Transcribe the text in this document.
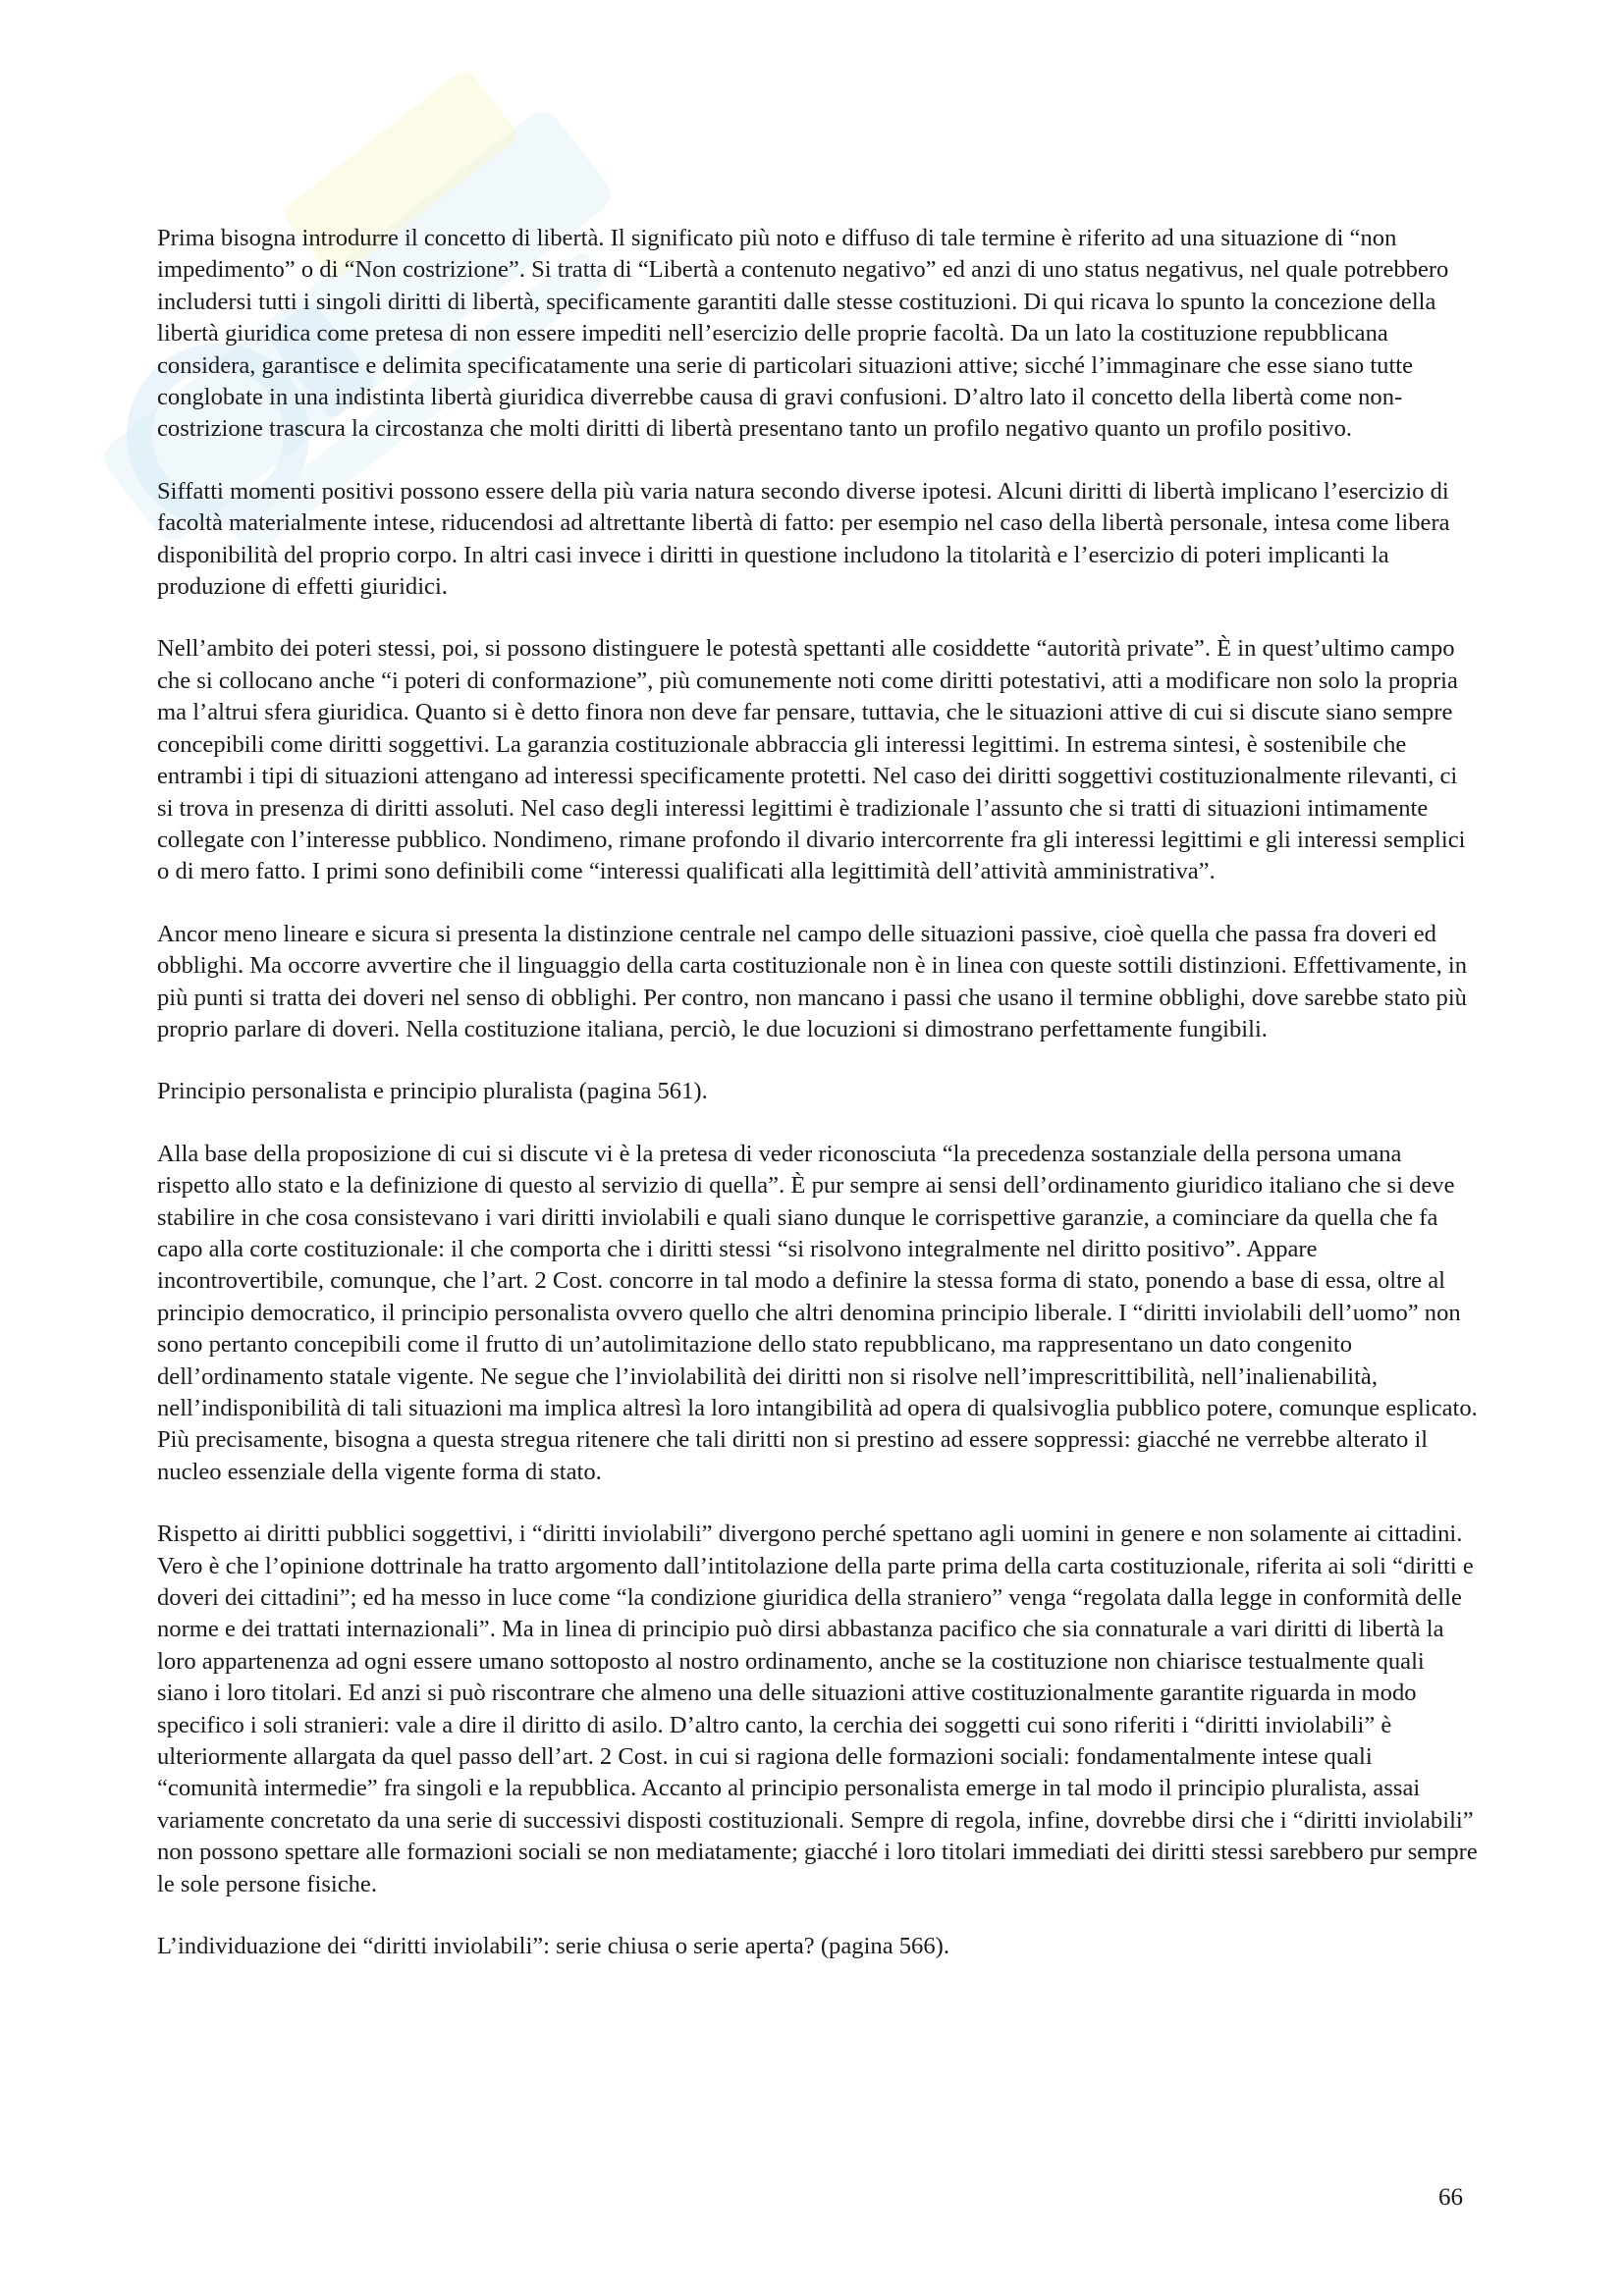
Prima bisogna introdurre il concetto di libertà. Il significato più noto e diffuso di tale termine è riferito ad una situazione di “non impedimento” o di “Non costrizione”. Si tratta di “Libertà a contenuto negativo” ed anzi di uno status negativus, nel quale potrebbero includersi tutti i singoli diritti di libertà, specificamente garantiti dalle stesse costituzioni. Di qui ricava lo spunto la concezione della libertà giuridica come pretesa di non essere impediti nell’esercizio delle proprie facoltà. Da un lato la costituzione repubblicana considera, garantisce e delimita specificatamente una serie di particolari situazioni attive; sicché l’immaginare che esse siano tutte conglobate in una indistinta libertà giuridica diverrebbe causa di gravi confusioni. D’altro lato il concetto della libertà come non-costrizione trascura la circostanza che molti diritti di libertà presentano tanto un profilo negativo quanto un profilo positivo.

Siffatti momenti positivi possono essere della più varia natura secondo diverse ipotesi. Alcuni diritti di libertà implicano l’esercizio di facoltà materialmente intese, riducendosi ad altrettante libertà di fatto: per esempio nel caso della libertà personale, intesa come libera disponibilità del proprio corpo. In altri casi invece i diritti in questione includono la titolarità e l’esercizio di poteri implicanti la produzione di effetti giuridici.

Nell’ambito dei poteri stessi, poi, si possono distinguere le potestà spettanti alle cosiddette “autorità private”. È in quest’ultimo campo che si collocano anche “i poteri di conformazione”, più comunemente noti come diritti potestativi, atti a modificare non solo la propria ma l’altrui sfera giuridica. Quanto si è detto finora non deve far pensare, tuttavia, che le situazioni attive di cui si discute siano sempre concepibili come diritti soggettivi. La garanzia costituzionale abbraccia gli interessi legittimi. In estrema sintesi, è sostenibile che entrambi i tipi di situazioni attengano ad interessi specificamente protetti. Nel caso dei diritti soggettivi costituzionalmente rilevanti, ci si trova in presenza di diritti assoluti. Nel caso degli interessi legittimi è tradizionale l’assunto che si tratti di situazioni intimamente collegate con l’interesse pubblico. Nondimeno, rimane profondo il divario intercorrente fra gli interessi legittimi e gli interessi semplici o di mero fatto. I primi sono definibili come “interessi qualificati alla legittimità dell’attività amministrativa”.

Ancor meno lineare e sicura si presenta la distinzione centrale nel campo delle situazioni passive, cioè quella che passa fra doveri ed obblighi. Ma occorre avvertire che il linguaggio della carta costituzionale non è in linea con queste sottili distinzioni. Effettivamente, in più punti si tratta dei doveri nel senso di obblighi. Per contro, non mancano i passi che usano il termine obblighi, dove sarebbe stato più proprio parlare di doveri. Nella costituzione italiana, perciò, le due locuzioni si dimostrano perfettamente fungibili.

Principio personalista e principio pluralista (pagina 561).

Alla base della proposizione di cui si discute vi è la pretesa di veder riconosciuta “la precedenza sostanziale della persona umana rispetto allo stato e la definizione di questo al servizio di quella”. È pur sempre ai sensi dell’ordinamento giuridico italiano che si deve stabilire in che cosa consistevano i vari diritti inviolabili e quali siano dunque le corrispettive garanzie, a cominciare da quella che fa capo alla corte costituzionale: il che comporta che i diritti stessi “si risolvono integralmente nel diritto positivo”. Appare incontrovertibile, comunque, che l’art. 2 Cost. concorre in tal modo a definire la stessa forma di stato, ponendo a base di essa, oltre al principio democratico, il principio personalista ovvero quello che altri denomina principio liberale. I “diritti inviolabili dell’uomo” non sono pertanto concepibili come il frutto di un’autolimitazione dello stato repubblicano, ma rappresentano un dato congenito dell’ordinamento statale vigente. Ne segue che l’inviolabilità dei diritti non si risolve nell’imprescrittibilità, nell’inalienabilità, nell’indisponibilità di tali situazioni ma implica altresì la loro intangibilità ad opera di qualsivoglia pubblico potere, comunque esplicato. Più precisamente, bisogna a questa stregua ritenere che tali diritti non si prestino ad essere soppressi: giacché ne verrebbe alterato il nucleo essenziale della vigente forma di stato.

Rispetto ai diritti pubblici soggettivi, i “diritti inviolabili” divergono perché spettano agli uomini in genere e non solamente ai cittadini. Vero è che l’opinione dottrinale ha tratto argomento dall’intitolazione della parte prima della carta costituzionale, riferita ai soli “diritti e doveri dei cittadini”; ed ha messo in luce come “la condizione giuridica della straniero” venga “regolata dalla legge in conformità delle norme e dei trattati internazionali”. Ma in linea di principio può dirsi abbastanza pacifico che sia connaturale a vari diritti di libertà la loro appartenenza ad ogni essere umano sottoposto al nostro ordinamento, anche se la costituzione non chiarisce testualmente quali siano i loro titolari. Ed anzi si può riscontrare che almeno una delle situazioni attive costituzionalmente garantite riguarda in modo specifico i soli stranieri: vale a dire il diritto di asilo. D’altro canto, la cerchia dei soggetti cui sono riferiti i “diritti inviolabili” è ulteriormente allargata da quel passo dell’art. 2 Cost. in cui si ragiona delle formazioni sociali: fondamentalmente intese quali “comunità intermedie” fra singoli e la repubblica. Accanto al principio personalista emerge in tal modo il principio pluralista, assai variamente concretato da una serie di successivi disposti costituzionali. Sempre di regola, infine, dovrebbe dirsi che i “diritti inviolabili” non possono spettare alle formazioni sociali se non mediatamente; giacché i loro titolari immediati dei diritti stessi sarebbero pur sempre le sole persone fisiche.

L’individuazione dei “diritti inviolabili”: serie chiusa o serie aperta? (pagina 566).

66
